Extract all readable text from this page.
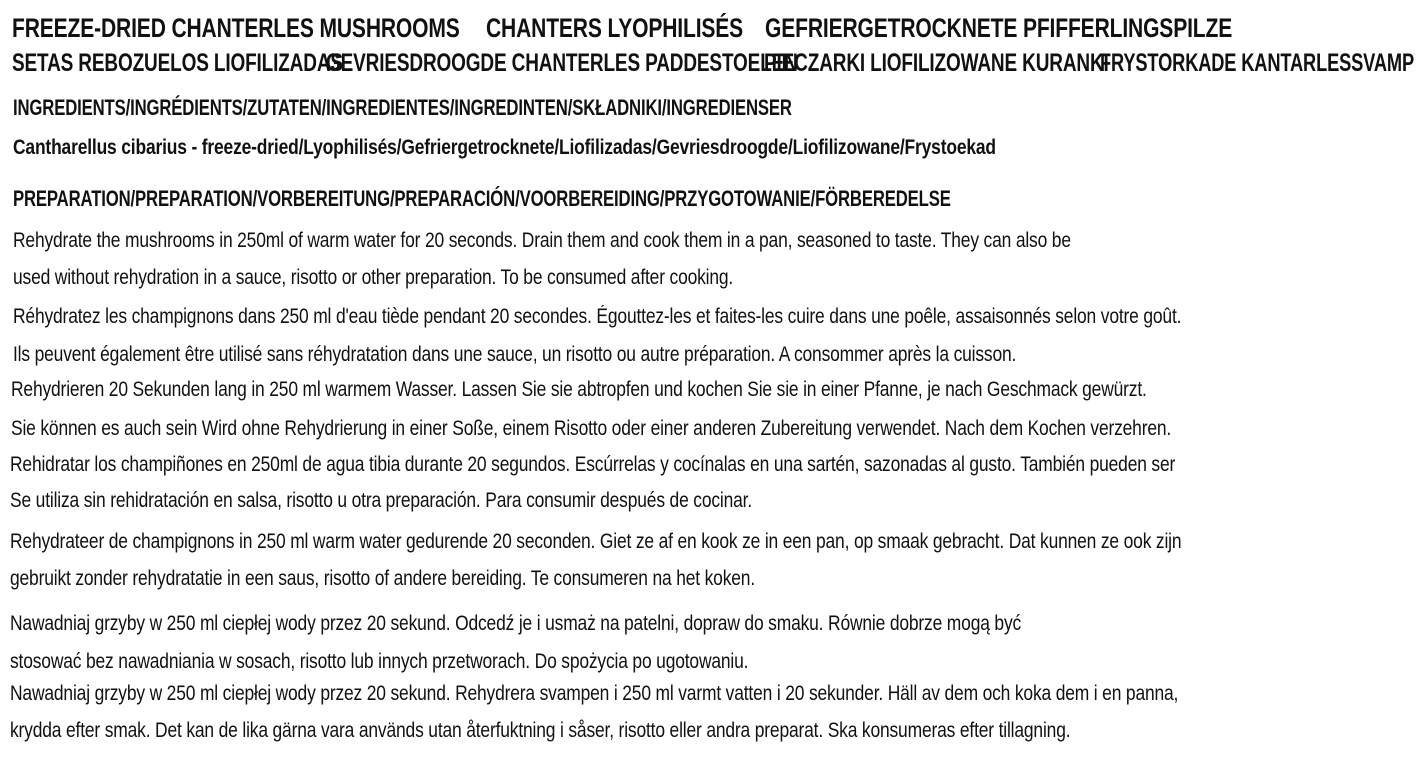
FREEZE-DRIED CHANTERLES MUSHROOMS CHANTERS LYOPHILISÉS GEFRIERGETROCKNETE PFIFFERLINGSPILZE
SETAS REBOZUELOS LIOFILIZADAS
GEVRIESDROOGDE CHANTERLES PADDESTOELEN
PIECZARKI LIOFILIZOWANE KURANKI
FRYSTORKADE KANTARLESSVAMP
INGREDIENTS/INGRÉDIENTS/ZUTATEN/INGREDIENTES/INGREDINTEN/SKŁADNIKI/INGREDIENSER
Cantharellus cibarius - freeze-dried/Lyophilisés/Gefriergetrocknete/Liofilizadas/Gevriesdroogde/Liofilizowane/Frystoekad
PREPARATION/PREPARATION/VORBEREITUNG/PREPARACIÓN/VOORBEREIDING/PRZYGOTOWANIE/FÖRBEREDELSE
Rehydrate the mushrooms in 250ml of warm water for 20 seconds. Drain them and cook them in a pan, seasoned to taste. They can also be
used without rehydration in a sauce, risotto or other preparation. To be consumed after cooking.
Réhydratez les champignons dans 250 ml d'eau tiède pendant 20 secondes. Égouttez-les et faites-les cuire dans une poêle, assaisonnés selon votre goût.
Ils peuvent également être utilisé sans réhydratation dans une sauce, un risotto ou autre préparation. A consommer après la cuisson.
Rehydrieren 20 Sekunden lang in 250 ml warmem Wasser. Lassen Sie sie abtropfen und kochen Sie sie in einer Pfanne, je nach Geschmack gewürzt.
Sie können es auch sein Wird ohne Rehydrierung in einer Soße, einem Risotto oder einer anderen Zubereitung verwendet. Nach dem Kochen verzehren.
Rehidratar los champiñones en 250ml de agua tibia durante 20 segundos. Escúrrelas y cocínalas en una sartén, sazonadas al gusto. También pueden ser
Se utiliza sin rehidratación en salsa, risotto u otra preparación. Para consumir después de cocinar.
Rehydrateer de champignons in 250 ml warm water gedurende 20 seconden. Giet ze af en kook ze in een pan, op smaak gebracht. Dat kunnen ze ook zijn
gebruikt zonder rehydratatie in een saus, risotto of andere bereiding. Te consumeren na het koken.
Nawadniaj grzyby w 250 ml ciepłej wody przez 20 sekund. Odcedź je i usmaż na patelni, dopraw do smaku. Równie dobrze mogą być
stosować bez nawadniania w sosach, risotto lub innych przetworach. Do spożycia po ugotowaniu.
Nawadniaj grzyby w 250 ml ciepłej wody przez 20 sekund. Rehydrera svampen i 250 ml varmt vatten i 20 sekunder. Häll av dem och koka dem i en panna,
krydda efter smak. Det kan de lika gärna vara används utan återfuktning i såser, risotto eller andra preparat. Ska konsumeras efter tillagning.
